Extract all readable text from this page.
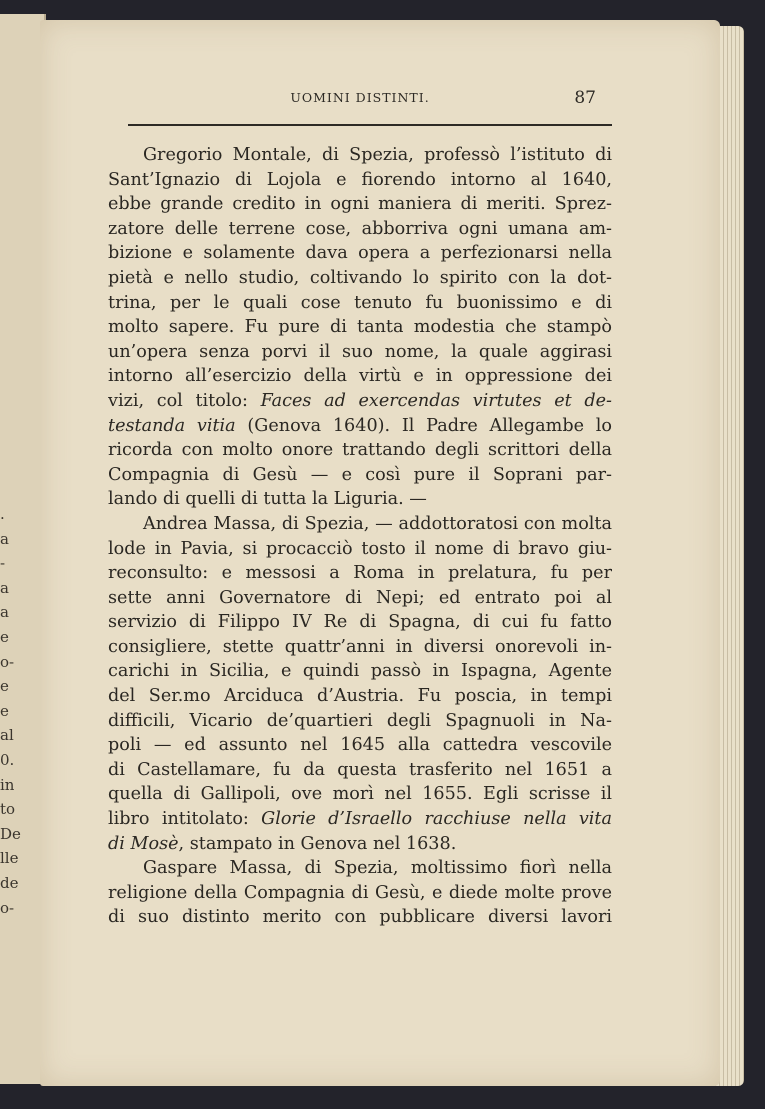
.
a
-
a
a
e
o-
e
e
al
0.
in
to
De
lle
de
o-
UOMINI DISTINTI.	87
Gregorio Montale, di Spezia, professò l’istituto di
Sant’Ignazio di Lojola e fiorendo intorno al 1640,
ebbe grande credito in ogni maniera di meriti. Sprez-
zatore delle terrene cose, abborriva ogni umana am-
bizione e solamente dava opera a perfezionarsi nella
pietà e nello studio, coltivando lo spirito con la dot-
trina, per le quali cose tenuto fu buonissimo e di
molto sapere. Fu pure di tanta modestia che stampò
un’opera senza porvi il suo nome, la quale aggirasi
intorno all’esercizio della virtù e in oppressione dei
vizi, col titolo: Faces ad exercendas virtutes et de-
testanda vitia (Genova 1640). Il Padre Allegambe lo
ricorda con molto onore trattando degli scrittori della
Compagnia di Gesù — e così pure il Soprani par-
lando di quelli di tutta la Liguria. —
Andrea Massa, di Spezia, — addottoratosi con molta
lode in Pavia, si procacciò tosto il nome di bravo giu-
reconsulto: e messosi a Roma in prelatura, fu per
sette anni Governatore di Nepi; ed entrato poi al
servizio di Filippo IV Re di Spagna, di cui fu fatto
consigliere, stette quattr’anni in diversi onorevoli in-
carichi in Sicilia, e quindi passò in Ispagna, Agente
del Ser.mo Arciduca d’Austria. Fu poscia, in tempi
difficili, Vicario de’quartieri degli Spagnuoli in Na-
poli — ed assunto nel 1645 alla cattedra vescovile
di Castellamare, fu da questa trasferito nel 1651 a
quella di Gallipoli, ove morì nel 1655. Egli scrisse il
libro intitolato: Glorie d’Israello racchiuse nella vita
di Mosè, stampato in Genova nel 1638.
Gaspare Massa, di Spezia, moltissimo fiorì nella
religione della Compagnia di Gesù, e diede molte prove
di suo distinto merito con pubblicare diversi lavori
